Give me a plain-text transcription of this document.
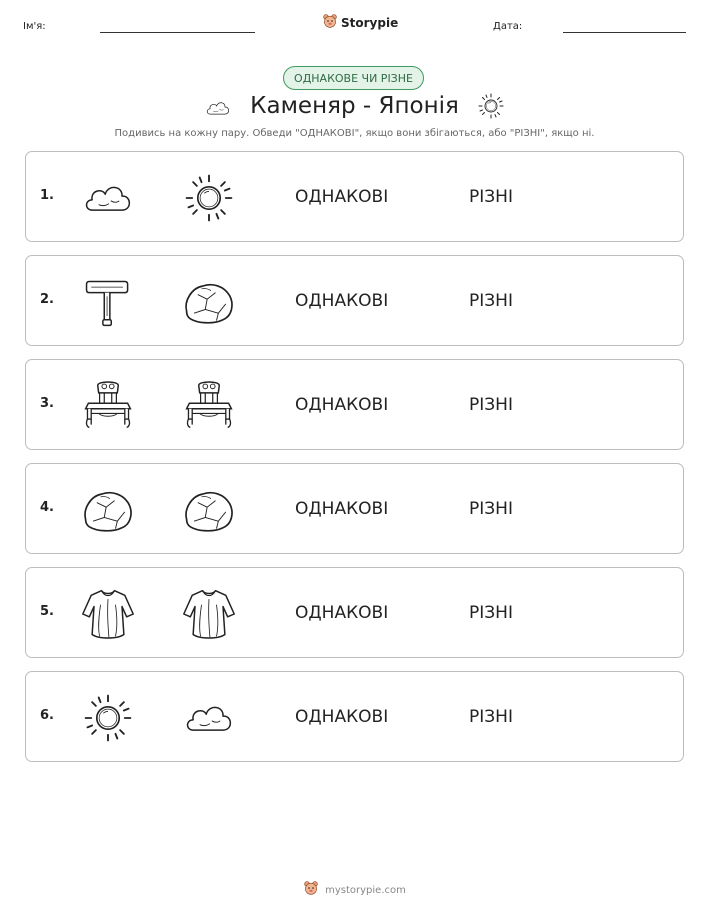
Ім'я:	Storypie	Дата:
ОДНАКОВЕ ЧИ РІЗНЕ
Каменяр - Японія
Подивись на кожну пару. Обведи "ОДНАКОВІ", якщо вони збігаються, або "РІЗНІ", якщо ні.
1.	ОДНАКОВІ	РІЗНІ
2.	ОДНАКОВІ	РІЗНІ
3.	ОДНАКОВІ	РІЗНІ
4.	ОДНАКОВІ	РІЗНІ
5.	ОДНАКОВІ	РІЗНІ
6.	ОДНАКОВІ	РІЗНІ
mystorypie.com
